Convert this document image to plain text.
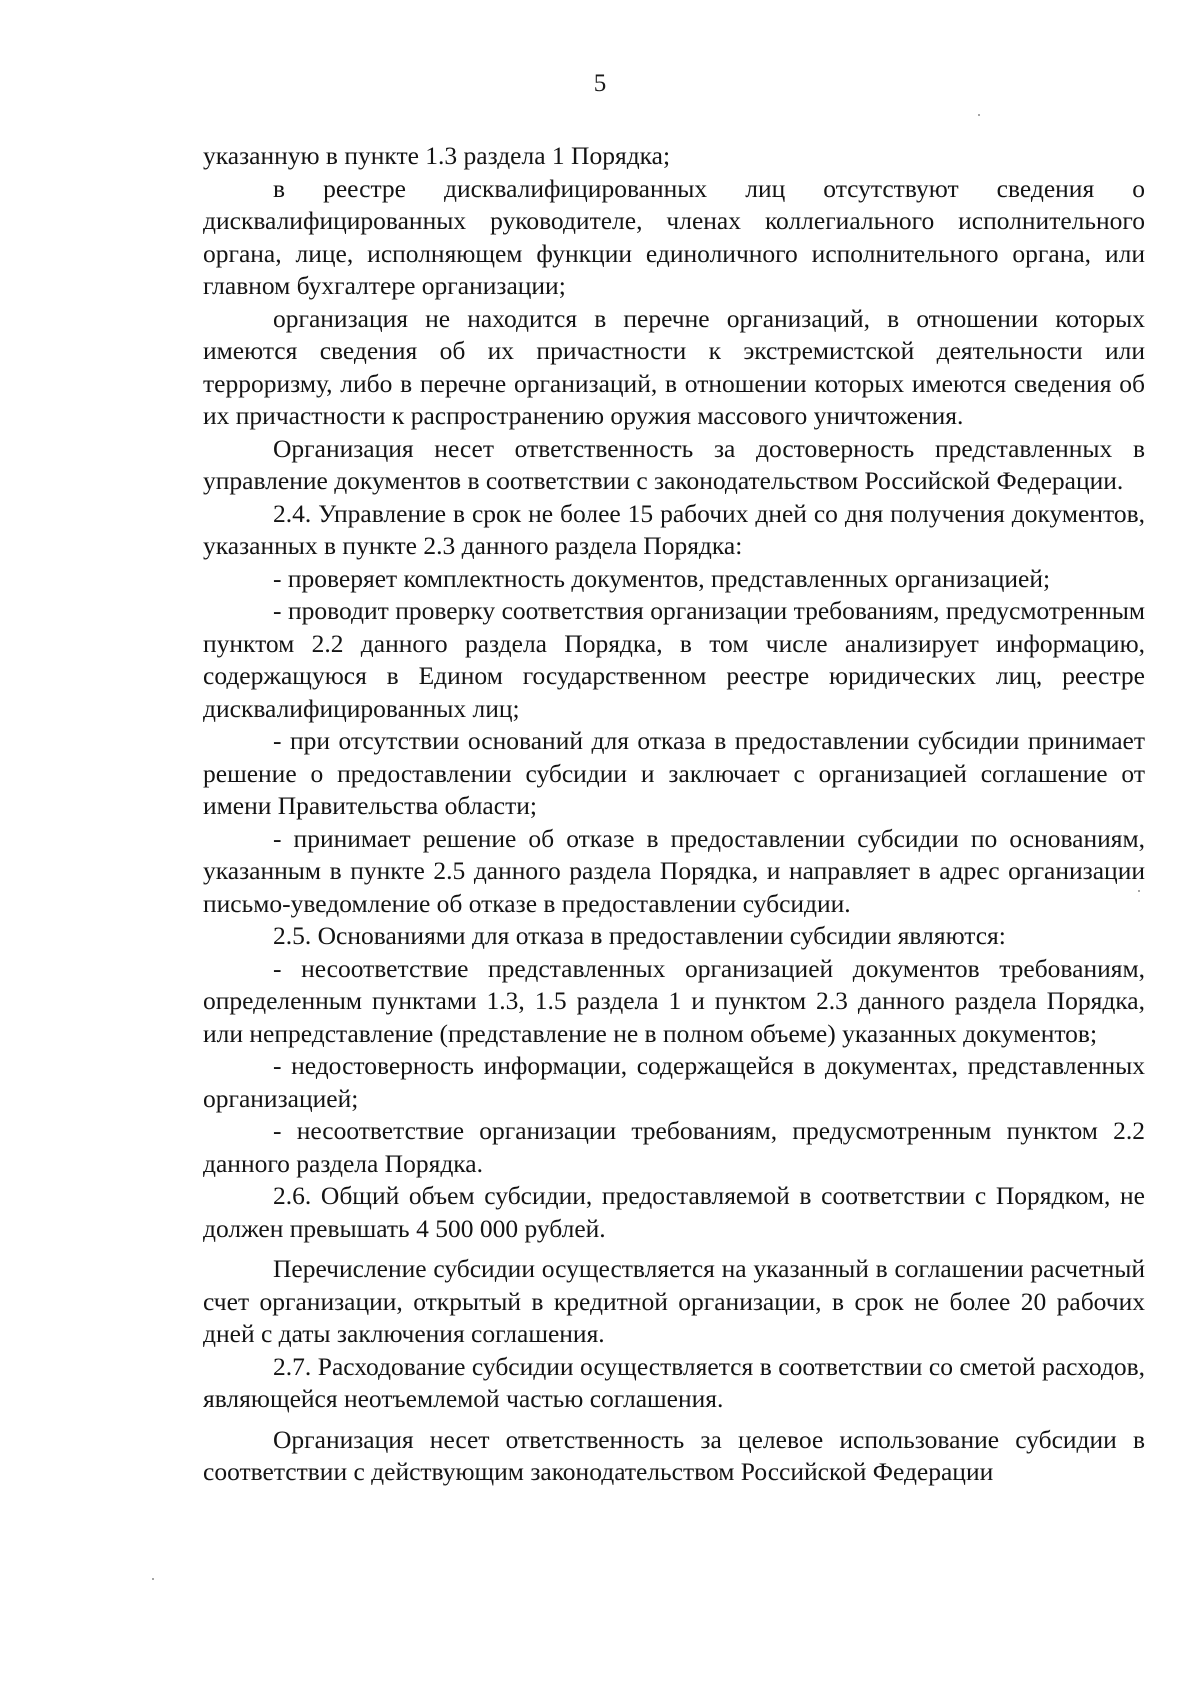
5

указанную в пункте 1.3 раздела 1 Порядка;

в реестре дисквалифицированных лиц отсутствуют сведения о дисквалифицированных руководителе, членах коллегиального исполнительного органа, лице, исполняющем функции единоличного исполнительного органа, или главном бухгалтере организации;

организация не находится в перечне организаций, в отношении которых имеются сведения об их причастности к экстремистской деятельности или терроризму, либо в перечне организаций, в отношении которых имеются сведения об их причастности к распространению оружия массового уничтожения.

Организация несет ответственность за достоверность представленных в управление документов в соответствии с законодательством Российской Федерации.

2.4. Управление в срок не более 15 рабочих дней со дня получения документов, указанных в пункте 2.3 данного раздела Порядка:

- проверяет комплектность документов, представленных организацией;

- проводит проверку соответствия организации требованиям, предусмотренным пунктом 2.2 данного раздела Порядка, в том числе анализирует информацию, содержащуюся в Едином государственном реестре юридических лиц, реестре дисквалифицированных лиц;

- при отсутствии оснований для отказа в предоставлении субсидии принимает решение о предоставлении субсидии и заключает с организацией соглашение от имени Правительства области;

- принимает решение об отказе в предоставлении субсидии по основаниям, указанным в пункте 2.5 данного раздела Порядка, и направляет в адрес организации письмо-уведомление об отказе в предоставлении субсидии.

2.5. Основаниями для отказа в предоставлении субсидии являются:

- несоответствие представленных организацией документов требованиям, определенным пунктами 1.3, 1.5 раздела 1 и пунктом 2.3 данного раздела Порядка, или непредставление (представление не в полном объеме) указанных документов;

- недостоверность информации, содержащейся в документах, представленных организацией;

- несоответствие организации требованиям, предусмотренным пунктом 2.2 данного раздела Порядка.

2.6. Общий объем субсидии, предоставляемой в соответствии с Порядком, не должен превышать 4 500 000 рублей.

Перечисление субсидии осуществляется на указанный в соглашении расчетный счет организации, открытый в кредитной организации, в срок не более 20 рабочих дней с даты заключения соглашения.

2.7. Расходование субсидии осуществляется в соответствии со сметой расходов, являющейся неотъемлемой частью соглашения.

Организация несет ответственность за целевое использование субсидии в соответствии с действующим законодательством Российской Федерации
